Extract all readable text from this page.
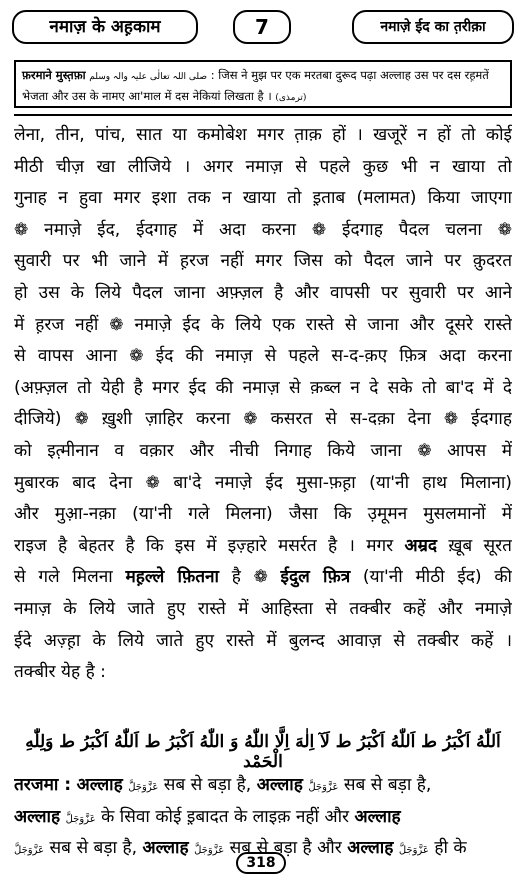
नमाज़ के अह़काम	7	नमाज़े ईद का त़रीक़ा
फ़रमाने मुस्त़फ़ा صلی اللہ تعالٰی علیہ والہ وسلم : जिस ने मुझ पर एक मरतबा दुरूद पढ़ा अल्लाह उस पर दस रह़मतें
भेजता और उस के नामए आ'माल में दस नेकियां लिखता है । (ترمذی)
लेना, तीन, पांच, सात या कमोबेश मगर त़ाक़ हों । खजूरें न हों तो कोई
मीठी चीज़ खा लीजिये । अगर नमाज़ से पहले कुछ भी न खाया तो
गुनाह न हुवा मगर इशा तक न खाया तो इ़ताब (मलामत) किया जाएगा
❁ नमाज़े ईद, ईदगाह में अदा करना ❁ ईदगाह पैदल चलना ❁
सुवारी पर भी जाने में ह़रज नहीं मगर जिस को पैदल जाने पर क़ुदरत
हो उस के लिये पैदल जाना अफ़्ज़ल है और वापसी पर सुवारी पर आने
में ह़रज नहीं ❁ नमाज़े ईद के लिये एक रास्ते से जाना और दूसरे रास्ते
से वापस आना ❁ ईद की नमाज़ से पहले स-द-क़ए फ़ित्र अदा करना
(अफ़्ज़ल तो येही है मगर ईद की नमाज़ से क़ब्ल न दे सके तो बा'द में दे
दीजिये) ❁ ख़ुशी ज़ाहिर करना ❁ कसरत से स-दक़ा देना ❁ ईदगाह
को इत़्मीनान व वक़ार और नीची निगाह किये जाना ❁ आपस में
मुबारक बाद देना ❁ बा'दे नमाज़े ईद मुसा-फ़ह़ा (या'नी हाथ मिलाना)
और मुआ़-नक़ा (या'नी गले मिलना) जैसा कि उ़मूमन मुसलमानों में
राइज है बेहतर है कि इस में इज़्हारे मसर्रत है । मगर अम्रद ख़ूब सूरत
से गले मिलना मह़ल्ले फ़ितना है ❁ ईदुल फ़ित्र (या'नी मीठी ईद) की
नमाज़ के लिये जाते हुए रास्ते में आहिस्ता से तक्बीर कहें और नमाज़े
ईदे अज़्ह़ा के लिये जाते हुए रास्ते में बुलन्द आवाज़ से तक्बीर कहें ।
तक्बीर येह है :
اَللّٰهُ اَكْبَرُ ط اَللّٰهُ اَكْبَرُ ط لَآ اِلٰهَ اِلَّا اللّٰهُ وَ اللّٰهُ اَكْبَرُ ط اَللّٰهُ اَكْبَرُ ط وَلِلّٰهِ الْحَمْد
तरजमा : अल्लाह عَزَّوَجَلَّ सब से बड़ा है, अल्लाह عَزَّوَجَلَّ सब से बड़ा है,
अल्लाह عَزَّوَجَلَّ के सिवा कोई इ़बादत के लाइक़ नहीं और अल्लाह
عَزَّوَجَلَّ सब से बड़ा है, अल्लाह عَزَّوَجَلَّ सब से बड़ा है और अल्लाह عَزَّوَجَلَّ ही के
318
